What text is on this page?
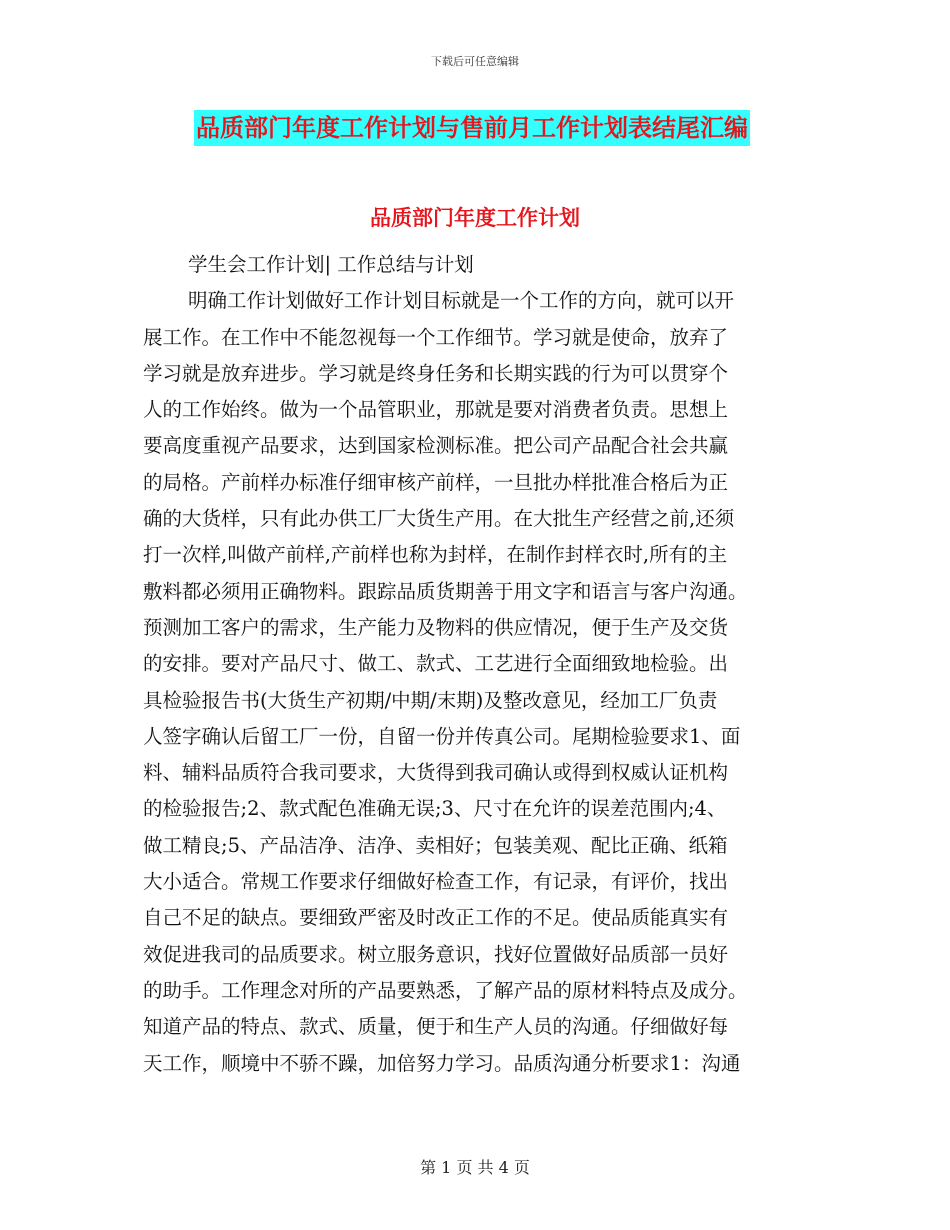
下载后可任意编辑
品质部门年度工作计划与售前月工作计划表结尾汇编
品质部门年度工作计划
学生会工作计划| 工作总结与计划
明确工作计划做好工作计划目标就是一个工作的方向，就可以开
展工作。在工作中不能忽视每一个工作细节。学习就是使命，放弃了
学习就是放弃进步。学习就是终身任务和长期实践的行为可以贯穿个
人的工作始终。做为一个品管职业，那就是要对消费者负责。思想上
要高度重视产品要求，达到国家检测标准。把公司产品配合社会共赢
的局格。产前样办标准仔细审核产前样，一旦批办样批准合格后为正
确的大货样，只有此办供工厂大货生产用。在大批生产经营之前,还须
打一次样,叫做产前样,产前样也称为封样，在制作封样衣时,所有的主
敷料都必须用正确物料。跟踪品质货期善于用文字和语言与客户沟通。
预测加工客户的需求，生产能力及物料的供应情况，便于生产及交货
的安排。要对产品尺寸、做工、款式、工艺进行全面细致地检验。出
具检验报告书(大货生产初期/中期/末期)及整改意见，经加工厂负责
人签字确认后留工厂一份，自留一份并传真公司。尾期检验要求1、面
料、辅料品质符合我司要求，大货得到我司确认或得到权威认证机构
的检验报告;2、款式配色准确无误;3、尺寸在允许的误差范围内;4、
做工精良;5、产品洁净、洁净、卖相好；包装美观、配比正确、纸箱
大小适合。常规工作要求仔细做好检查工作，有记录，有评价，找出
自己不足的缺点。要细致严密及时改正工作的不足。使品质能真实有
效促进我司的品质要求。树立服务意识，找好位置做好品质部一员好
的助手。工作理念对所的产品要熟悉，了解产品的原材料特点及成分。
知道产品的特点、款式、质量，便于和生产人员的沟通。仔细做好每
天工作，顺境中不骄不躁，加倍努力学习。品质沟通分析要求1：沟通
第 1 页 共 4 页
